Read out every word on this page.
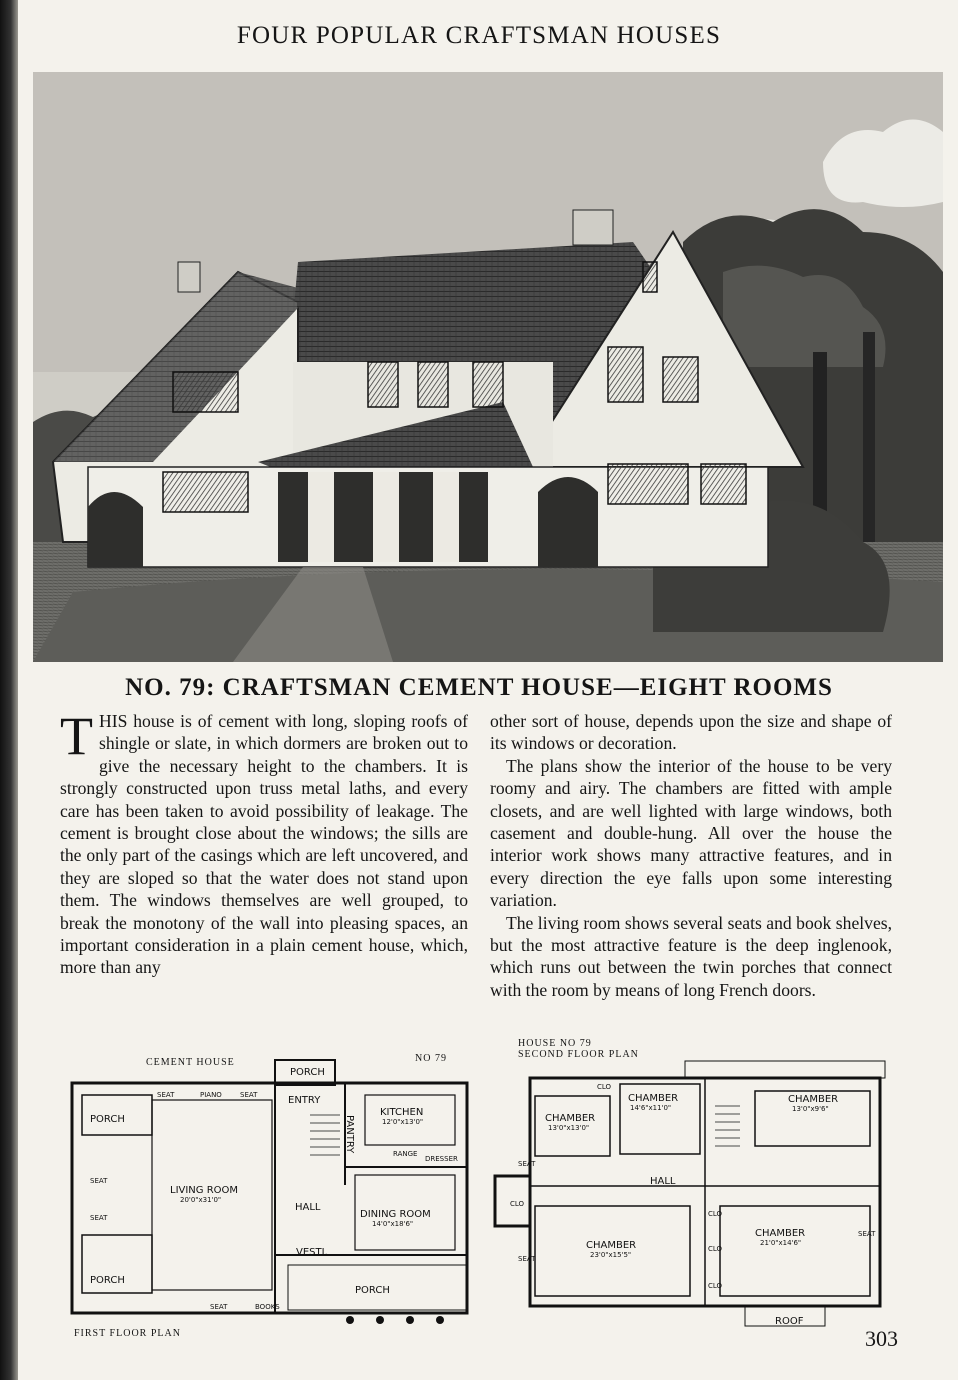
FOUR POPULAR CRAFTSMAN HOUSES
NO. 79: CRAFTSMAN CEMENT HOUSE—EIGHT ROOMS

THIS house is of cement with long, sloping roofs of shingle or slate, in which dormers are broken out to give the necessary height to the chambers. It is strongly constructed upon truss metal laths, and every care has been taken to avoid possibility of leakage. The cement is brought close about the windows; the sills are the only part of the casings which are left uncovered, and they are sloped so that the water does not stand upon them. The windows themselves are well grouped, to break the monotony of the wall into pleasing spaces, an important consideration in a plain cement house, which, more than any

other sort of house, depends upon the size and shape of its windows or decoration.

The plans show the interior of the house to be very roomy and airy. The chambers are fitted with ample closets, and are well lighted with large windows, both casement and double-hung. All over the house the interior work shows many attractive features, and in every direction the eye falls upon some interesting variation.

The living room shows several seats and book shelves, but the most attractive feature is the deep inglenook, which runs out between the twin porches that connect with the room by means of long French doors.

CEMENT HOUSE	NO 79
FIRST FLOOR PLAN
PORCH
PORCH
PORCH
PORCH
LIVING ROOM
20'0"x31'0"
ENTRY
PANTRY
KITCHEN
12'0"x13'0"
HALL
DINING ROOM
14'0"x18'6"
VESTI.
SEAT	PIANO	SEAT
SEAT
SEAT
SEAT	BOOKS
RANGE
DRESSER
HOUSE NO 79
SECOND FLOOR PLAN
CHAMBER
13'0"x13'0"
CHAMBER
14'6"x11'0"
CHAMBER
13'0"x9'6"
CHAMBER
23'0"x15'5"
CHAMBER
21'0"x14'6"
HALL
ROOF
CLO
CLO
CLO
CLO
CLO
SEAT
SEAT
SEAT
303
